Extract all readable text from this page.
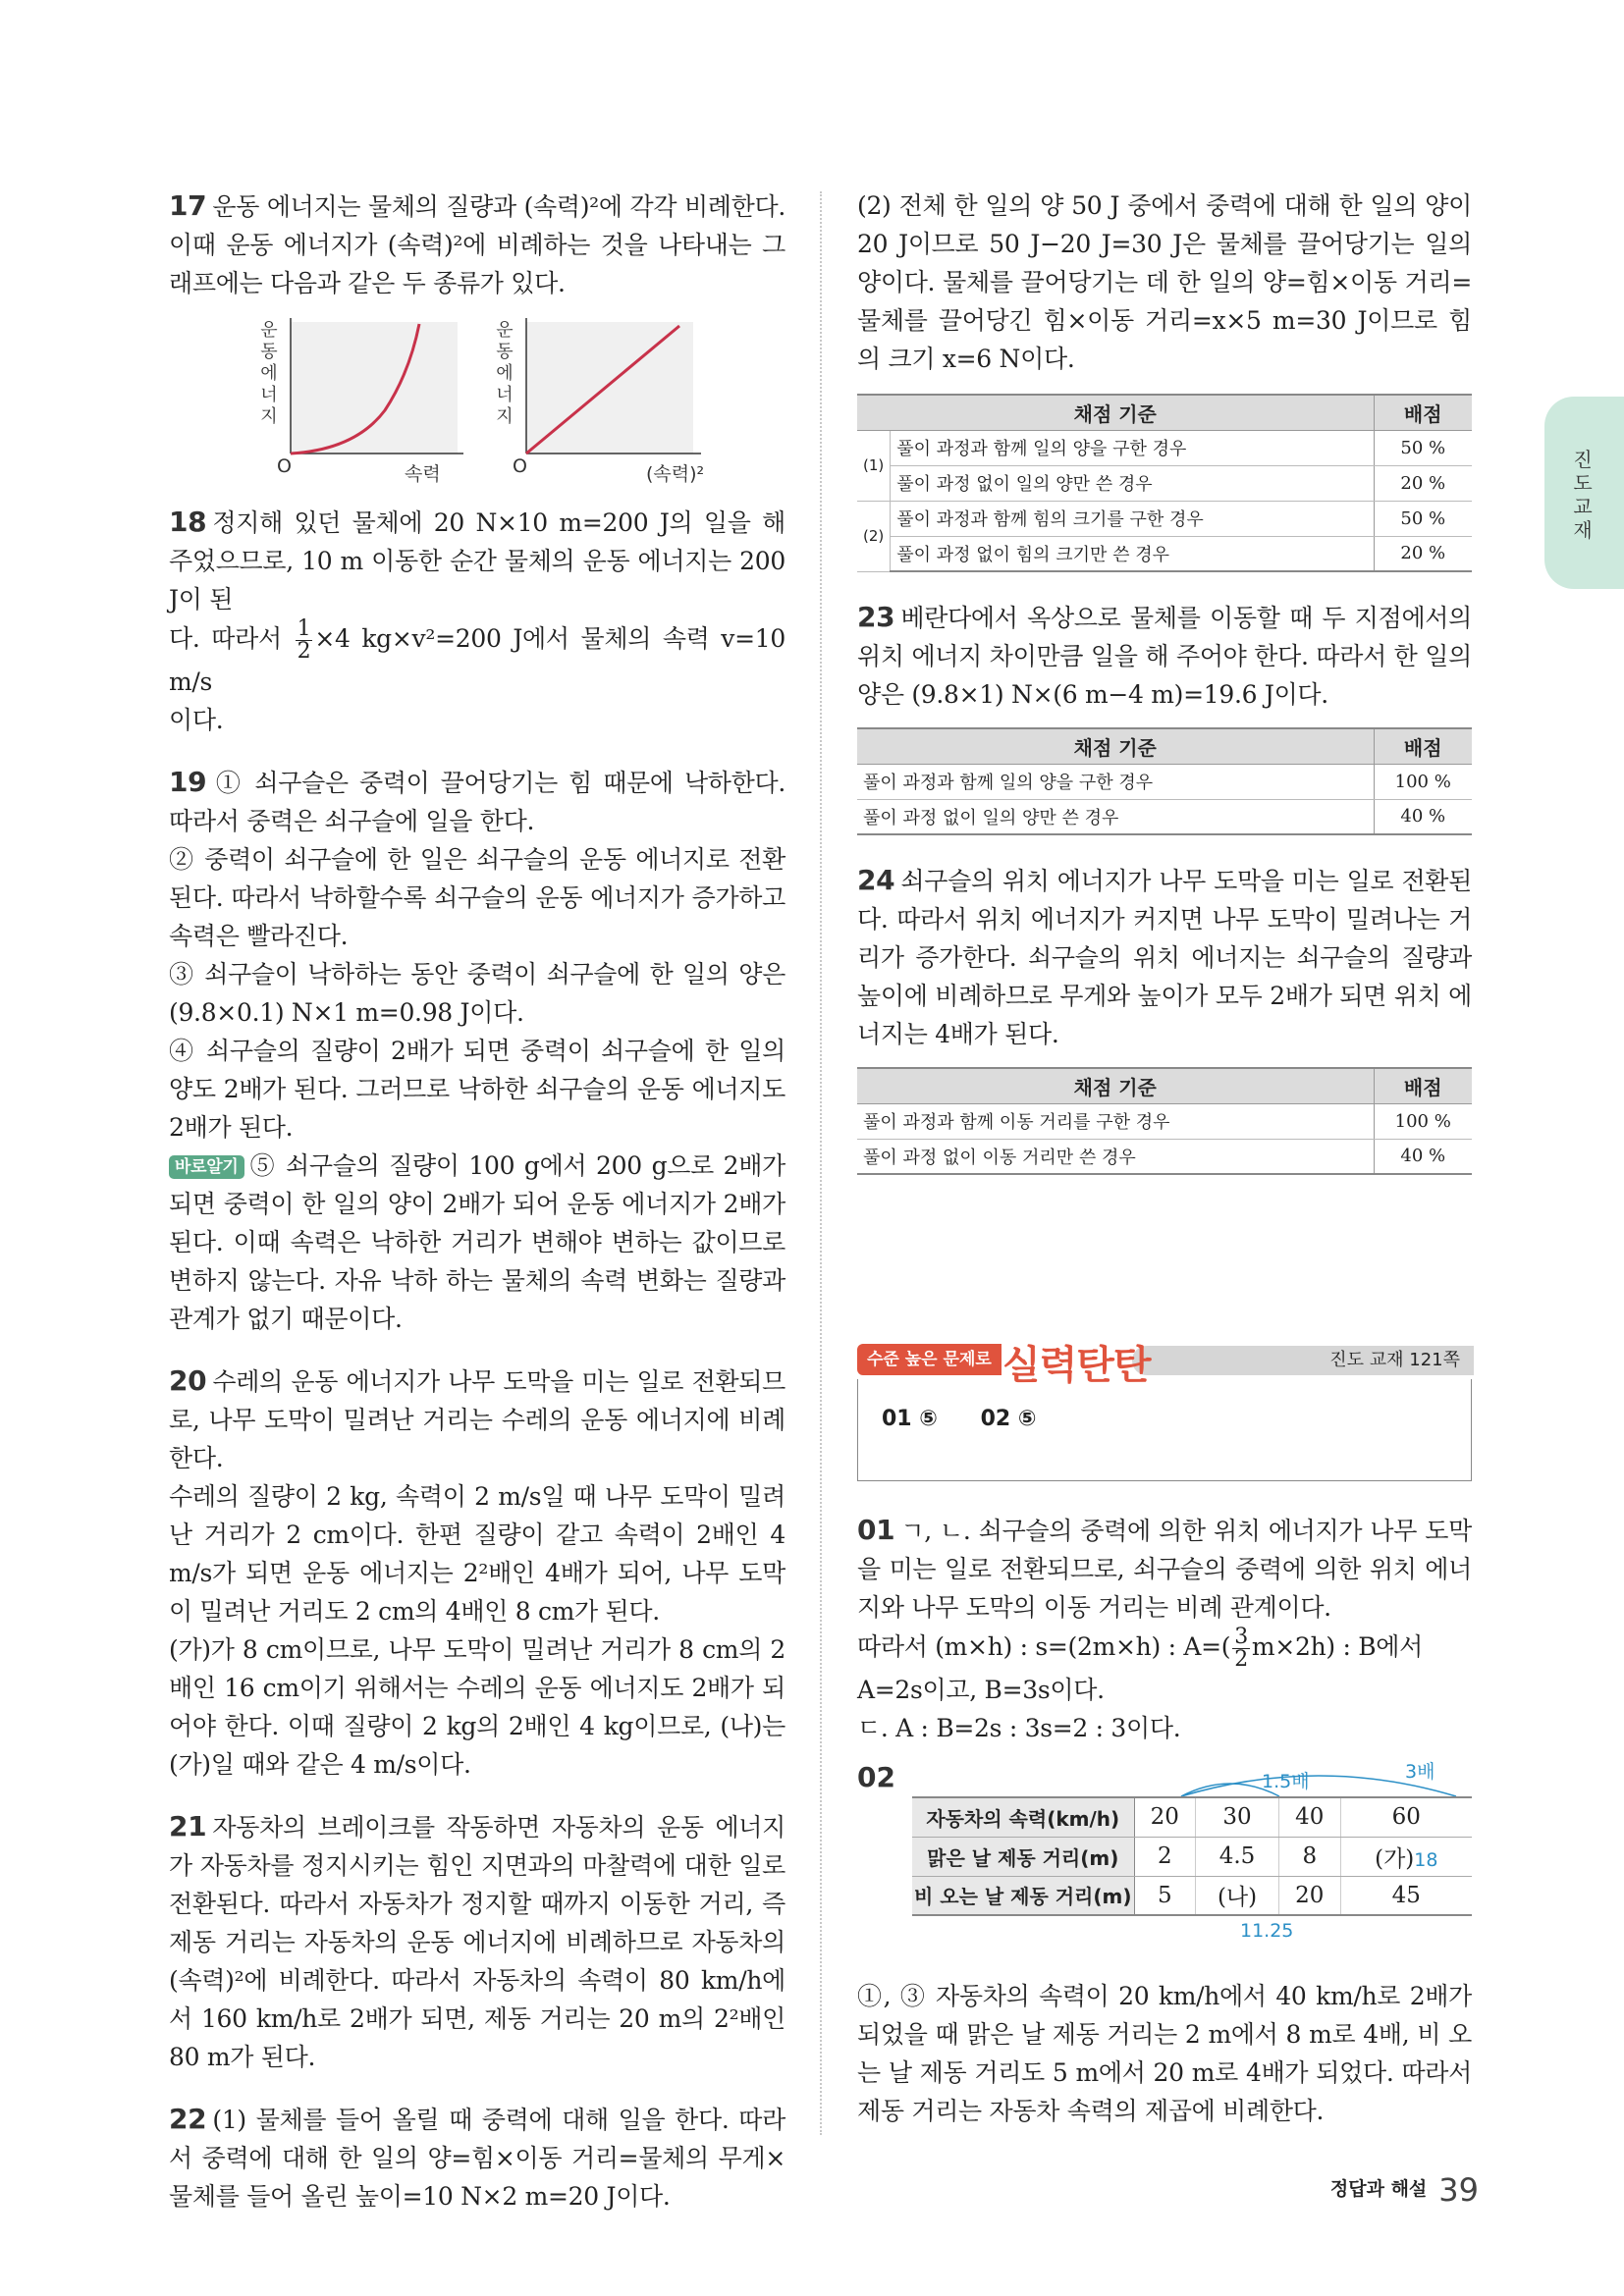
17 운동 에너지는 물체의 질량과 (속력)²에 각각 비례한다. 이때 운동 에너지가 (속력)²에 비례하는 것을 나타내는 그래프에는 다음과 같은 두 종류가 있다.
운동 에너지
O	속력
운동 에너지
O	(속력)²

18 정지해 있던 물체에 20 N×10 m=200 J의 일을 해 주었으므로, 10 m 이동한 순간 물체의 운동 에너지는 200 J이 된

다. 따라서 $\frac{1}{2} \times 4$ kg×v²=200 J에서 물체의 속력 v=10 m/s

이다.

19 ① 쇠구슬은 중력이 끌어당기는 힘 때문에 낙하한다. 따라서 중력은 쇠구슬에 일을 한다.

② 중력이 쇠구슬에 한 일은 쇠구슬의 운동 에너지로 전환된다. 따라서 낙하할수록 쇠구슬의 운동 에너지가 증가하고 속력은 빨라진다.

③ 쇠구슬이 낙하하는 동안 중력이 쇠구슬에 한 일의 양은 (9.8×0.1) N×1 m=0.98 J이다.

④ 쇠구슬의 질량이 2배가 되면 중력이 쇠구슬에 한 일의 양도 2배가 된다. 그러므로 낙하한 쇠구슬의 운동 에너지도 2배가 된다.

바로알기 ⑤ 쇠구슬의 질량이 100 g에서 200 g으로 2배가 되면 중력이 한 일의 양이 2배가 되어 운동 에너지가 2배가 된다. 이때 속력은 낙하한 거리가 변해야 변하는 값이므로 변하지 않는다. 자유 낙하 하는 물체의 속력 변화는 질량과 관계가 없기 때문이다.

20 수레의 운동 에너지가 나무 도막을 미는 일로 전환되므로, 나무 도막이 밀려난 거리는 수레의 운동 에너지에 비례한다.

수레의 질량이 2 kg, 속력이 2 m/s일 때 나무 도막이 밀려난 거리가 2 cm이다. 한편 질량이 같고 속력이 2배인 4 m/s가 되면 운동 에너지는 2²배인 4배가 되어, 나무 도막이 밀려난 거리도 2 cm의 4배인 8 cm가 된다.

(가)가 8 cm이므로, 나무 도막이 밀려난 거리가 8 cm의 2배인 16 cm이기 위해서는 수레의 운동 에너지도 2배가 되어야 한다. 이때 질량이 2 kg의 2배인 4 kg이므로, (나)는 (가)일 때와 같은 4 m/s이다.

21 자동차의 브레이크를 작동하면 자동차의 운동 에너지가 자동차를 정지시키는 힘인 지면과의 마찰력에 대한 일로 전환된다. 따라서 자동차가 정지할 때까지 이동한 거리, 즉 제동 거리는 자동차의 운동 에너지에 비례하므로 자동차의 (속력)²에 비례한다. 따라서 자동차의 속력이 80 km/h에서 160 km/h로 2배가 되면, 제동 거리는 20 m의 2²배인 80 m가 된다.
22 (1) 물체를 들어 올릴 때 중력에 대해 일을 한다. 따라서 중력에 대해 한 일의 양=힘×이동 거리=물체의 무게×물체를 들어 올린 높이=10 N×2 m=20 J이다.

(2) 전체 한 일의 양 50 J 중에서 중력에 대해 한 일의 양이 20 J이므로 50 J−20 J=30 J은 물체를 끌어당기는 일의 양이다. 물체를 끌어당기는 데 한 일의 양=힘×이동 거리=물체를 끌어당긴 힘×이동 거리=x×5 m=30 J이므로 힘의 크기 x=6 N이다.

채점 기준		배점
(1)	풀이 과정과 함께 일의 양을 구한 경우	50 %
	풀이 과정 없이 일의 양만 쓴 경우	20 %
(2)	풀이 과정과 함께 힘의 크기를 구한 경우	50 %
	풀이 과정 없이 힘의 크기만 쓴 경우	20 %
23 베란다에서 옥상으로 물체를 이동할 때 두 지점에서의 위치 에너지 차이만큼 일을 해 주어야 한다. 따라서 한 일의 양은 (9.8×1) N×(6 m−4 m)=19.6 J이다.
채점 기준	배점
풀이 과정과 함께 일의 양을 구한 경우	100 %
풀이 과정 없이 일의 양만 쓴 경우	40 %
24 쇠구슬의 위치 에너지가 나무 도막을 미는 일로 전환된다. 따라서 위치 에너지가 커지면 나무 도막이 밀려나는 거리가 증가한다. 쇠구슬의 위치 에너지는 쇠구슬의 질량과 높이에 비례하므로 무게와 높이가 모두 2배가 되면 위치 에너지는 4배가 된다.
채점 기준	배점
풀이 과정과 함께 이동 거리를 구한 경우	100 %
풀이 과정 없이 이동 거리만 쓴 경우	40 %
수준 높은 문제로 실력탄탄	진도 교재 121쪽
01 ⑤ 02 ⑤

01 ㄱ, ㄴ. 쇠구슬의 중력에 의한 위치 에너지가 나무 도막을 미는 일로 전환되므로, 쇠구슬의 중력에 의한 위치 에너지와 나무 도막의 이동 거리는 비례 관계이다.

따라서 (m×h) : s=(2m×h) : $A=( \frac{3}{2} m\times 2h)$ : B에서

A=2s이고, B=3s이다.

ㄷ. A : B=2s : 3s=2 : 3이다.

02	1.5배	3배
자동차의 속력(km/h)	20	30	40	60
맑은 날 제동 거리(m)	2	4.5	8	(가)18
비 오는 날 제동 거리(m)	5	(나)	20	45
11.25

①, ③ 자동차의 속력이 20 km/h에서 40 km/h로 2배가 되었을 때 맑은 날 제동 거리는 2 m에서 8 m로 4배, 비 오는 날 제동 거리도 5 m에서 20 m로 4배가 되었다. 따라서 제동 거리는 자동차 속력의 제곱에 비례한다.

진도 교재
정답과 해설 39
